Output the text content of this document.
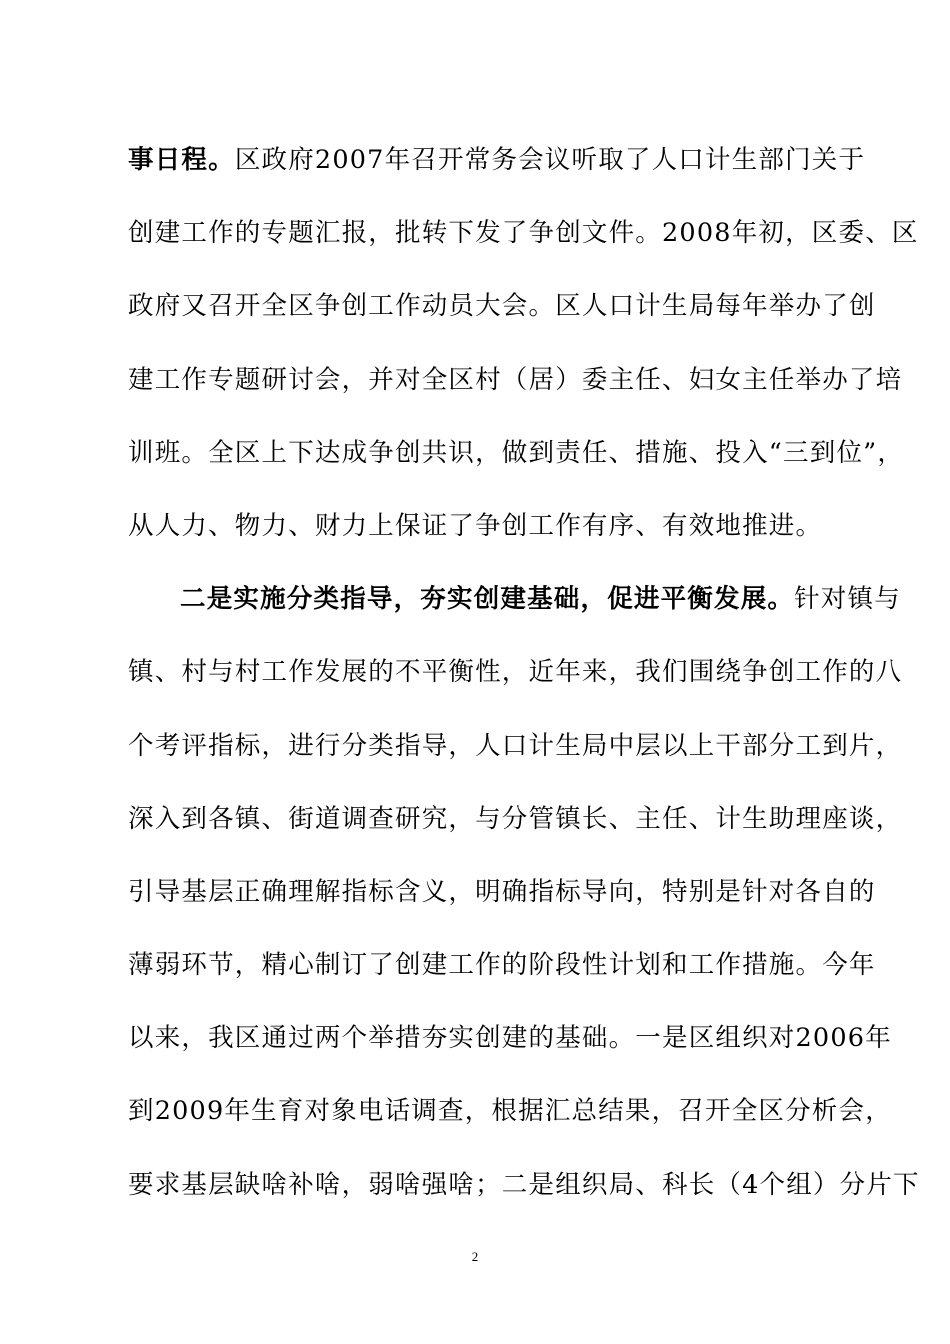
事日程。区政府2007年召开常务会议听取了人口计生部门关于
创建工作的专题汇报，批转下发了争创文件。2008年初，区委、区
政府又召开全区争创工作动员大会。区人口计生局每年举办了创
建工作专题研讨会，并对全区村（居）委主任、妇女主任举办了培
训班。全区上下达成争创共识，做到责任、措施、投入“三到位”，
从人力、物力、财力上保证了争创工作有序、有效地推进。
二是实施分类指导，夯实创建基础，促进平衡发展。针对镇与
镇、村与村工作发展的不平衡性，近年来，我们围绕争创工作的八
个考评指标，进行分类指导，人口计生局中层以上干部分工到片，
深入到各镇、街道调查研究，与分管镇长、主任、计生助理座谈，
引导基层正确理解指标含义，明确指标导向，特别是针对各自的
薄弱环节，精心制订了创建工作的阶段性计划和工作措施。今年
以来，我区通过两个举措夯实创建的基础。一是区组织对2006年
到2009年生育对象电话调查，根据汇总结果，召开全区分析会，
要求基层缺啥补啥，弱啥强啥；二是组织局、科长（4个组）分片下
2
